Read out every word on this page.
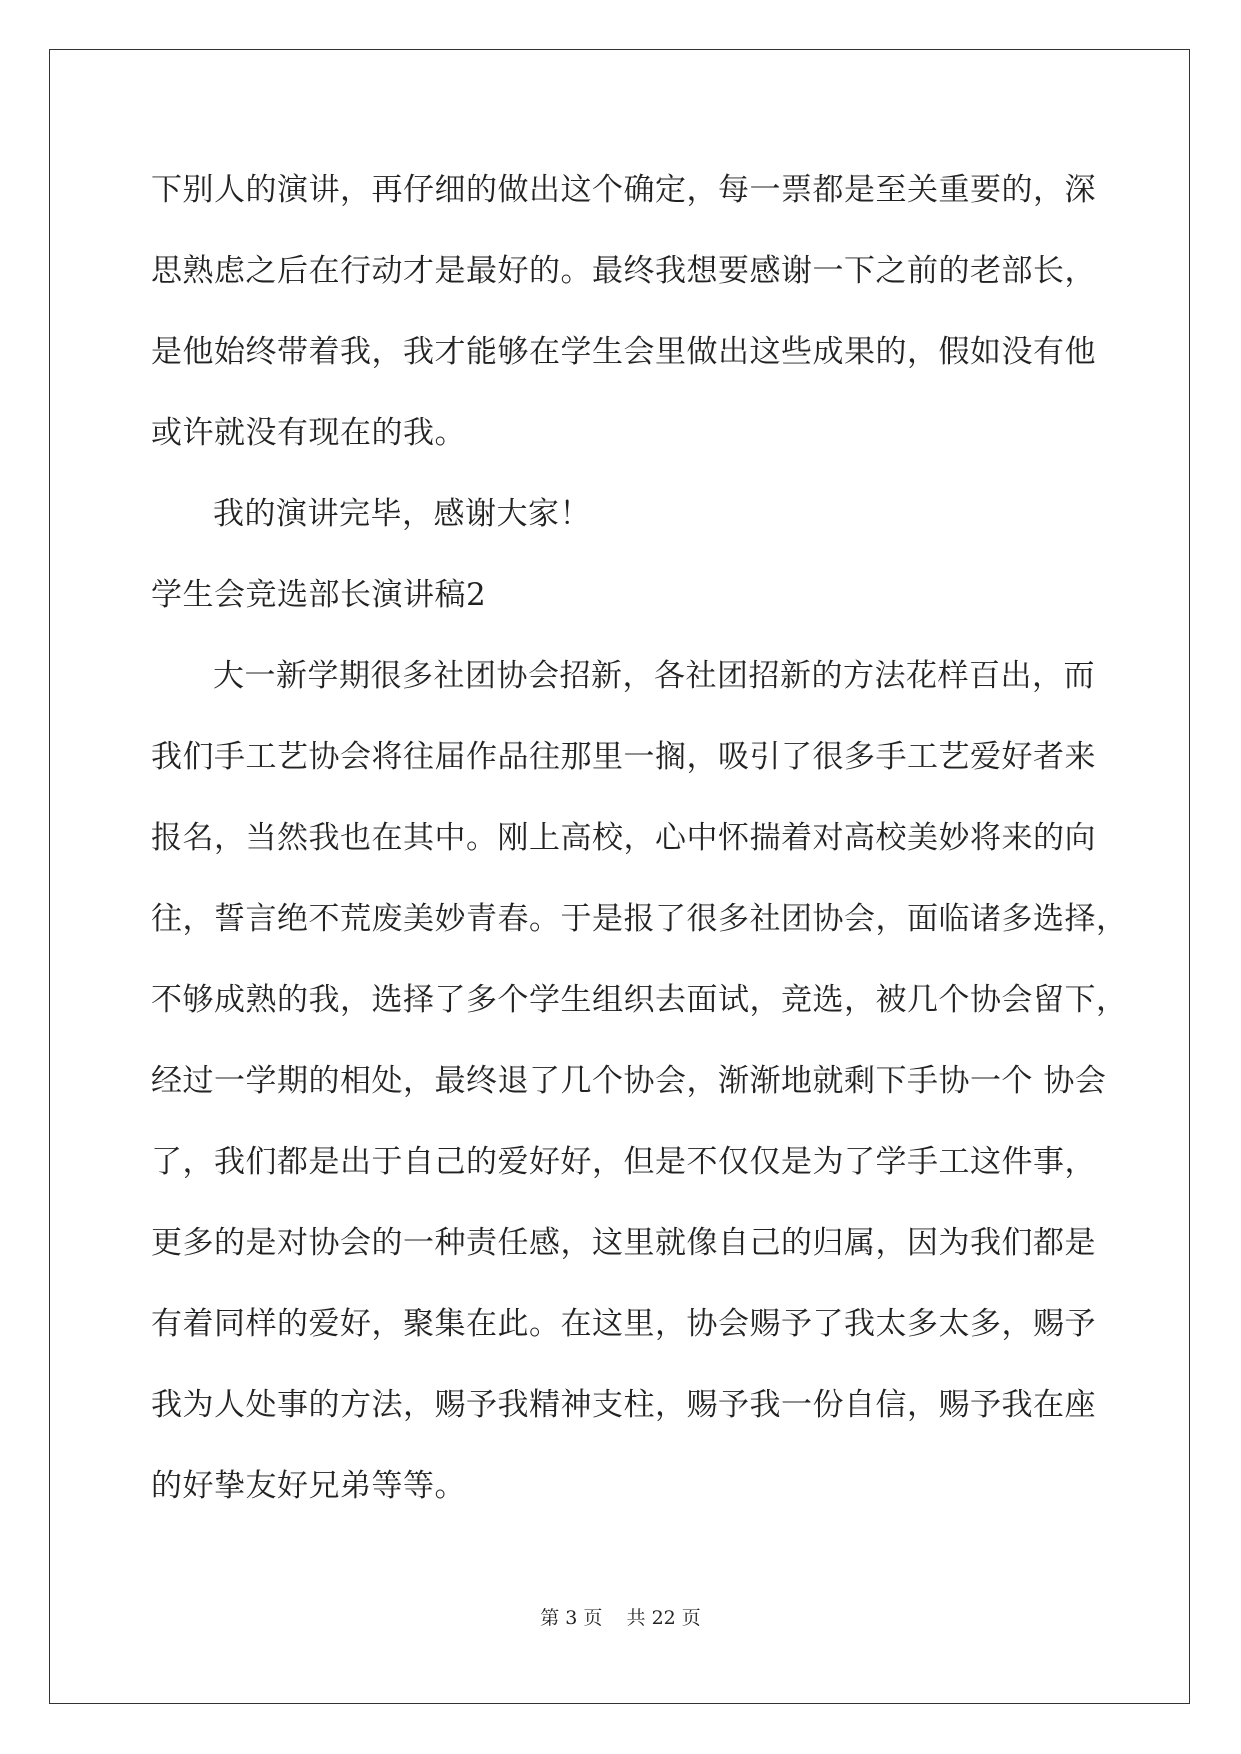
下别人的演讲，再仔细的做出这个确定，每一票都是至关重要的，深
思熟虑之后在行动才是最好的。最终我想要感谢一下之前的老部长，
是他始终带着我，我才能够在学生会里做出这些成果的，假如没有他
或许就没有现在的我。
我的演讲完毕，感谢大家！
学生会竞选部长演讲稿2
大一新学期很多社团协会招新，各社团招新的方法花样百出，而
我们手工艺协会将往届作品往那里一搁，吸引了很多手工艺爱好者来
报名，当然我也在其中。刚上高校，心中怀揣着对高校美妙将来的向
往，誓言绝不荒废美妙青春。于是报了很多社团协会，面临诸多选择，
不够成熟的我，选择了多个学生组织去面试，竞选，被几个协会留下，
经过一学期的相处，最终退了几个协会，渐渐地就剩下手协一个 协会
了，我们都是出于自己的爱好好，但是不仅仅是为了学手工这件事，
更多的是对协会的一种责任感，这里就像自己的归属，因为我们都是
有着同样的爱好，聚集在此。在这里，协会赐予了我太多太多，赐予
我为人处事的方法，赐予我精神支柱，赐予我一份自信，赐予我在座
的好挚友好兄弟等等。
第 3 页    共 22 页
